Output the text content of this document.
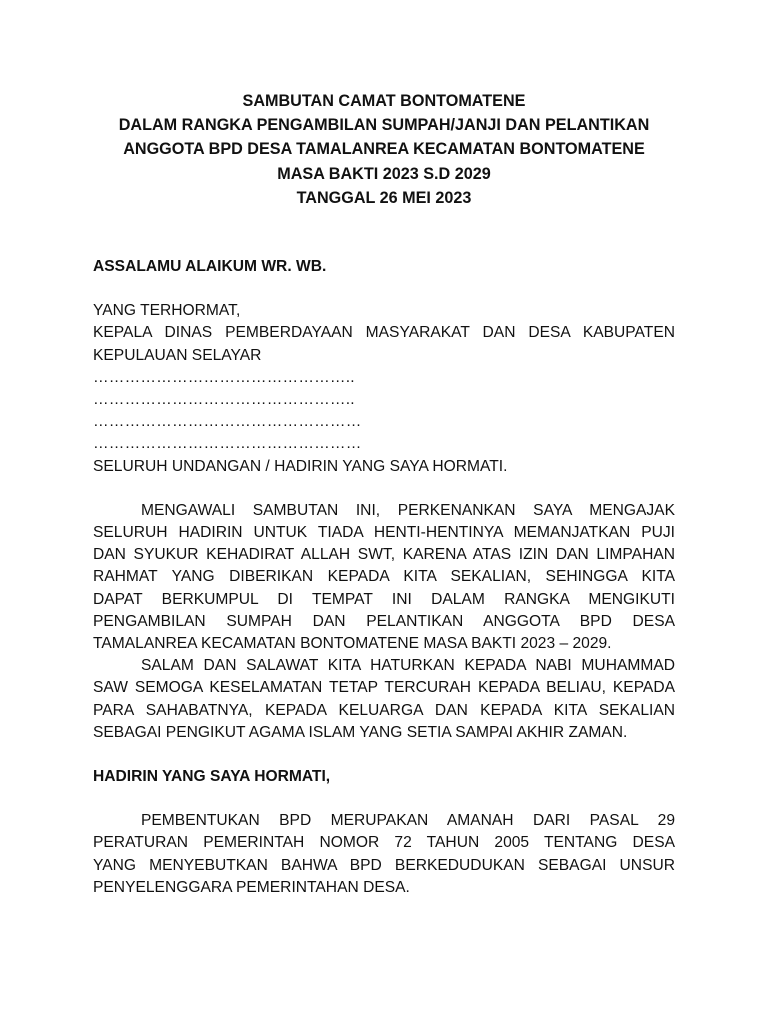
SAMBUTAN CAMAT BONTOMATENE
DALAM RANGKA PENGAMBILAN SUMPAH/JANJI DAN PELANTIKAN
ANGGOTA BPD DESA TAMALANREA KECAMATAN BONTOMATENE
MASA BAKTI 2023 S.D 2029
TANGGAL 26 MEI 2023
ASSALAMU ALAIKUM WR. WB.
YANG TERHORMAT,
KEPALA DINAS PEMBERDAYAAN MASYARAKAT DAN DESA KABUPATEN
KEPULAUAN SELAYAR
…………………………………………..
…………………………………………..
……………………………………………
……………………………………………
SELURUH UNDANGAN / HADIRIN YANG SAYA HORMATI.
MENGAWALI SAMBUTAN INI, PERKENANKAN SAYA MENGAJAK
SELURUH HADIRIN UNTUK TIADA HENTI-HENTINYA MEMANJATKAN PUJI
DAN SYUKUR KEHADIRAT ALLAH SWT, KARENA ATAS IZIN DAN LIMPAHAN
RAHMAT YANG DIBERIKAN KEPADA KITA SEKALIAN, SEHINGGA KITA
DAPAT BERKUMPUL DI TEMPAT INI DALAM RANGKA MENGIKUTI
PENGAMBILAN SUMPAH DAN PELANTIKAN ANGGOTA BPD DESA
TAMALANREA KECAMATAN BONTOMATENE MASA BAKTI 2023 – 2029.
SALAM DAN SALAWAT KITA HATURKAN KEPADA NABI MUHAMMAD
SAW SEMOGA KESELAMATAN TETAP TERCURAH KEPADA BELIAU, KEPADA
PARA SAHABATNYA, KEPADA KELUARGA DAN KEPADA KITA SEKALIAN
SEBAGAI PENGIKUT AGAMA ISLAM YANG SETIA SAMPAI AKHIR ZAMAN.
HADIRIN YANG SAYA HORMATI,
PEMBENTUKAN BPD MERUPAKAN AMANAH DARI PASAL 29
PERATURAN PEMERINTAH NOMOR 72 TAHUN 2005 TENTANG DESA
YANG MENYEBUTKAN BAHWA BPD BERKEDUDUKAN SEBAGAI UNSUR
PENYELENGGARA PEMERINTAHAN DESA.
